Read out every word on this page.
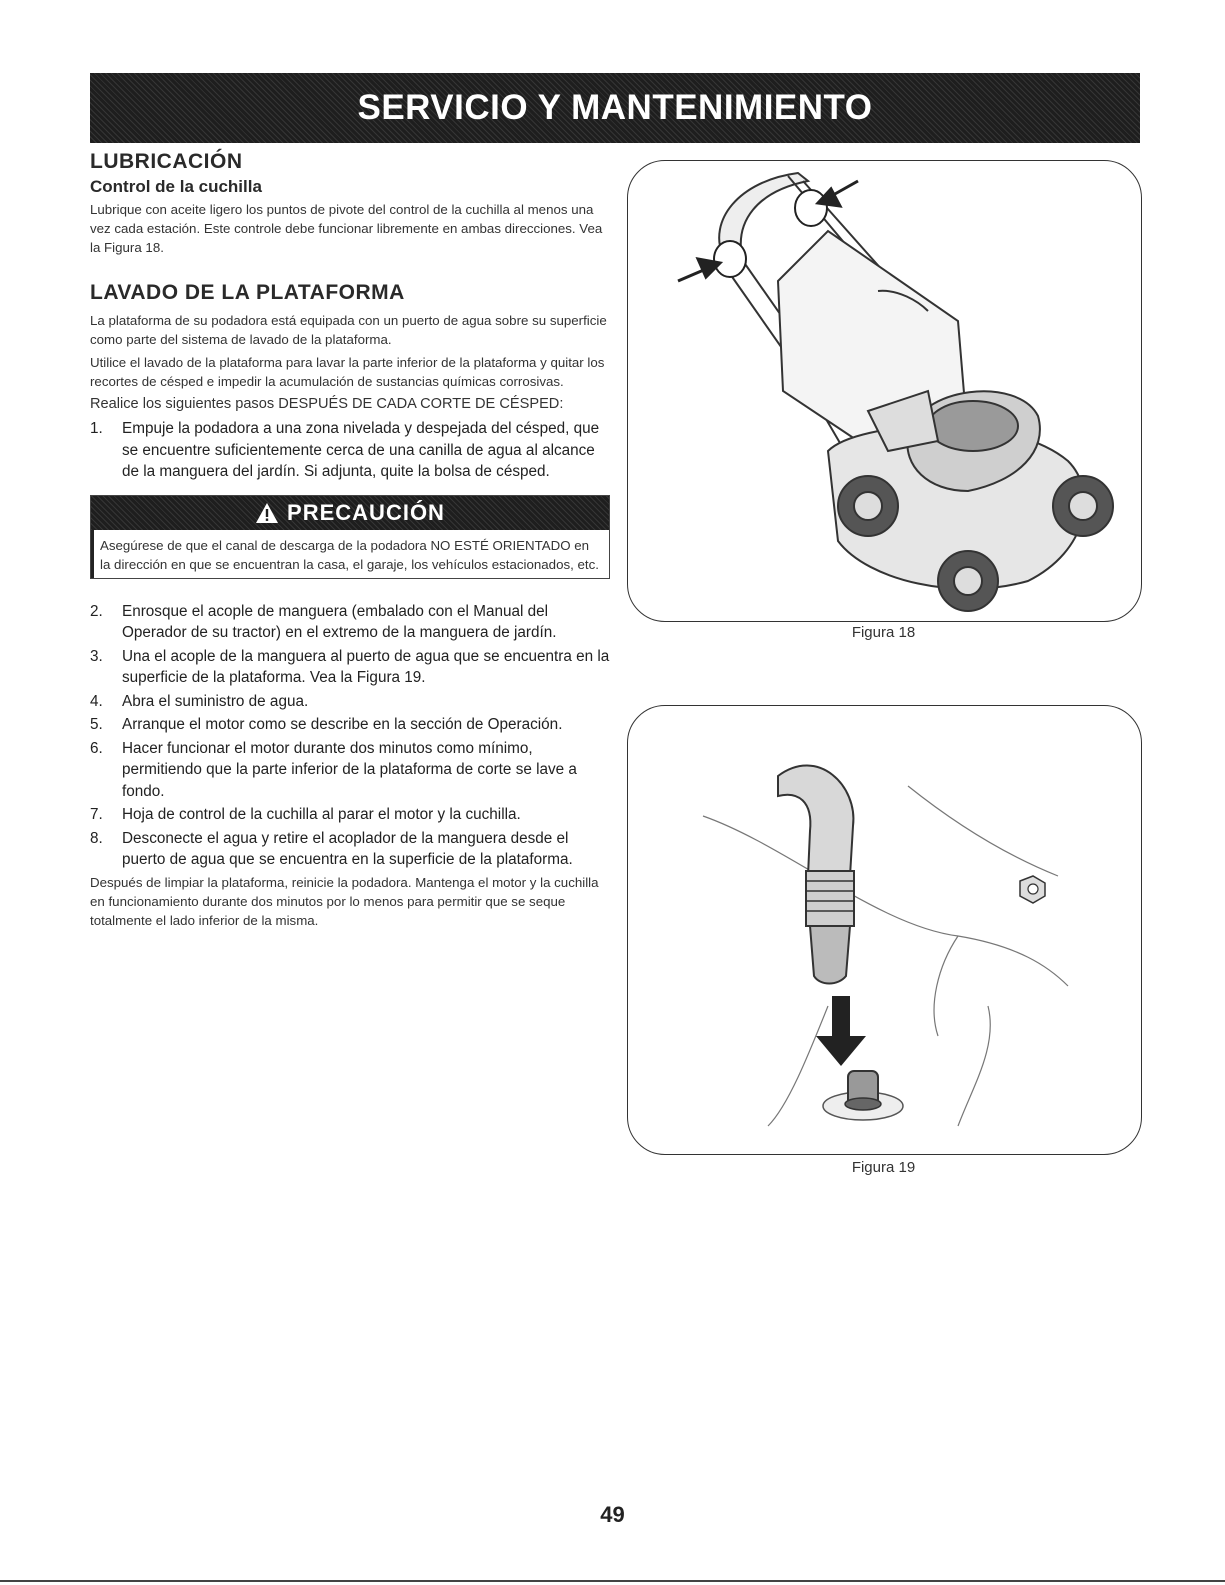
SERVICIO Y MANTENIMIENTO
LUBRICACIÓN
Control de la cuchilla

Lubrique con aceite ligero los puntos de pivote del control de la cuchilla al menos una vez cada estación. Este controle debe funcionar libremente en ambas direcciones. Vea la Figura 18.

LAVADO DE LA PLATAFORMA

La plataforma de su podadora está equipada con un puerto de agua sobre su superficie como parte del sistema de lavado de la plataforma.

Utilice el lavado de la plataforma para lavar la parte inferior de la plataforma y quitar los recortes de césped e impedir la acumulación de sustancias químicas corrosivas.

Realice los siguientes pasos DESPUÉS DE CADA CORTE DE CÉSPED:

1.	Empuje la podadora a una zona nivelada y despejada del césped, que se encuentre suficientemente cerca de una canilla de agua al alcance de la manguera del jardín. Si adjunta, quite la bolsa de césped.
PRECAUCIÓN
Asegúrese de que el canal de descarga de la podadora NO ESTÉ ORIENTADO en la dirección en que se encuentran la casa, el garaje, los vehículos estacionados, etc.
2.	Enrosque el acople de manguera (embalado con el Manual del Operador de su tractor) en el extremo de la manguera de jardín.
3.	Una el acople de la manguera al puerto de agua que se encuentra en la superficie de la plataforma. Vea la Figura 19.
4.	Abra el suministro de agua.
5.	Arranque el motor como se describe en la sección de Operación.
6.	Hacer funcionar el motor durante dos minutos como mínimo, permitiendo que la parte inferior de la plataforma de corte se lave a fondo.
7.	Hoja de control de la cuchilla al parar el motor y la cuchilla.
8.	Desconecte el agua y retire el acoplador de la manguera desde el puerto de agua que se encuentra en la superficie de la plataforma.

Después de limpiar la plataforma, reinicie la podadora. Mantenga el motor y la cuchilla en funcionamiento durante dos minutos por lo menos para permitir que se seque totalmente el lado inferior de la misma.

Figura 18
Figura 19
49
